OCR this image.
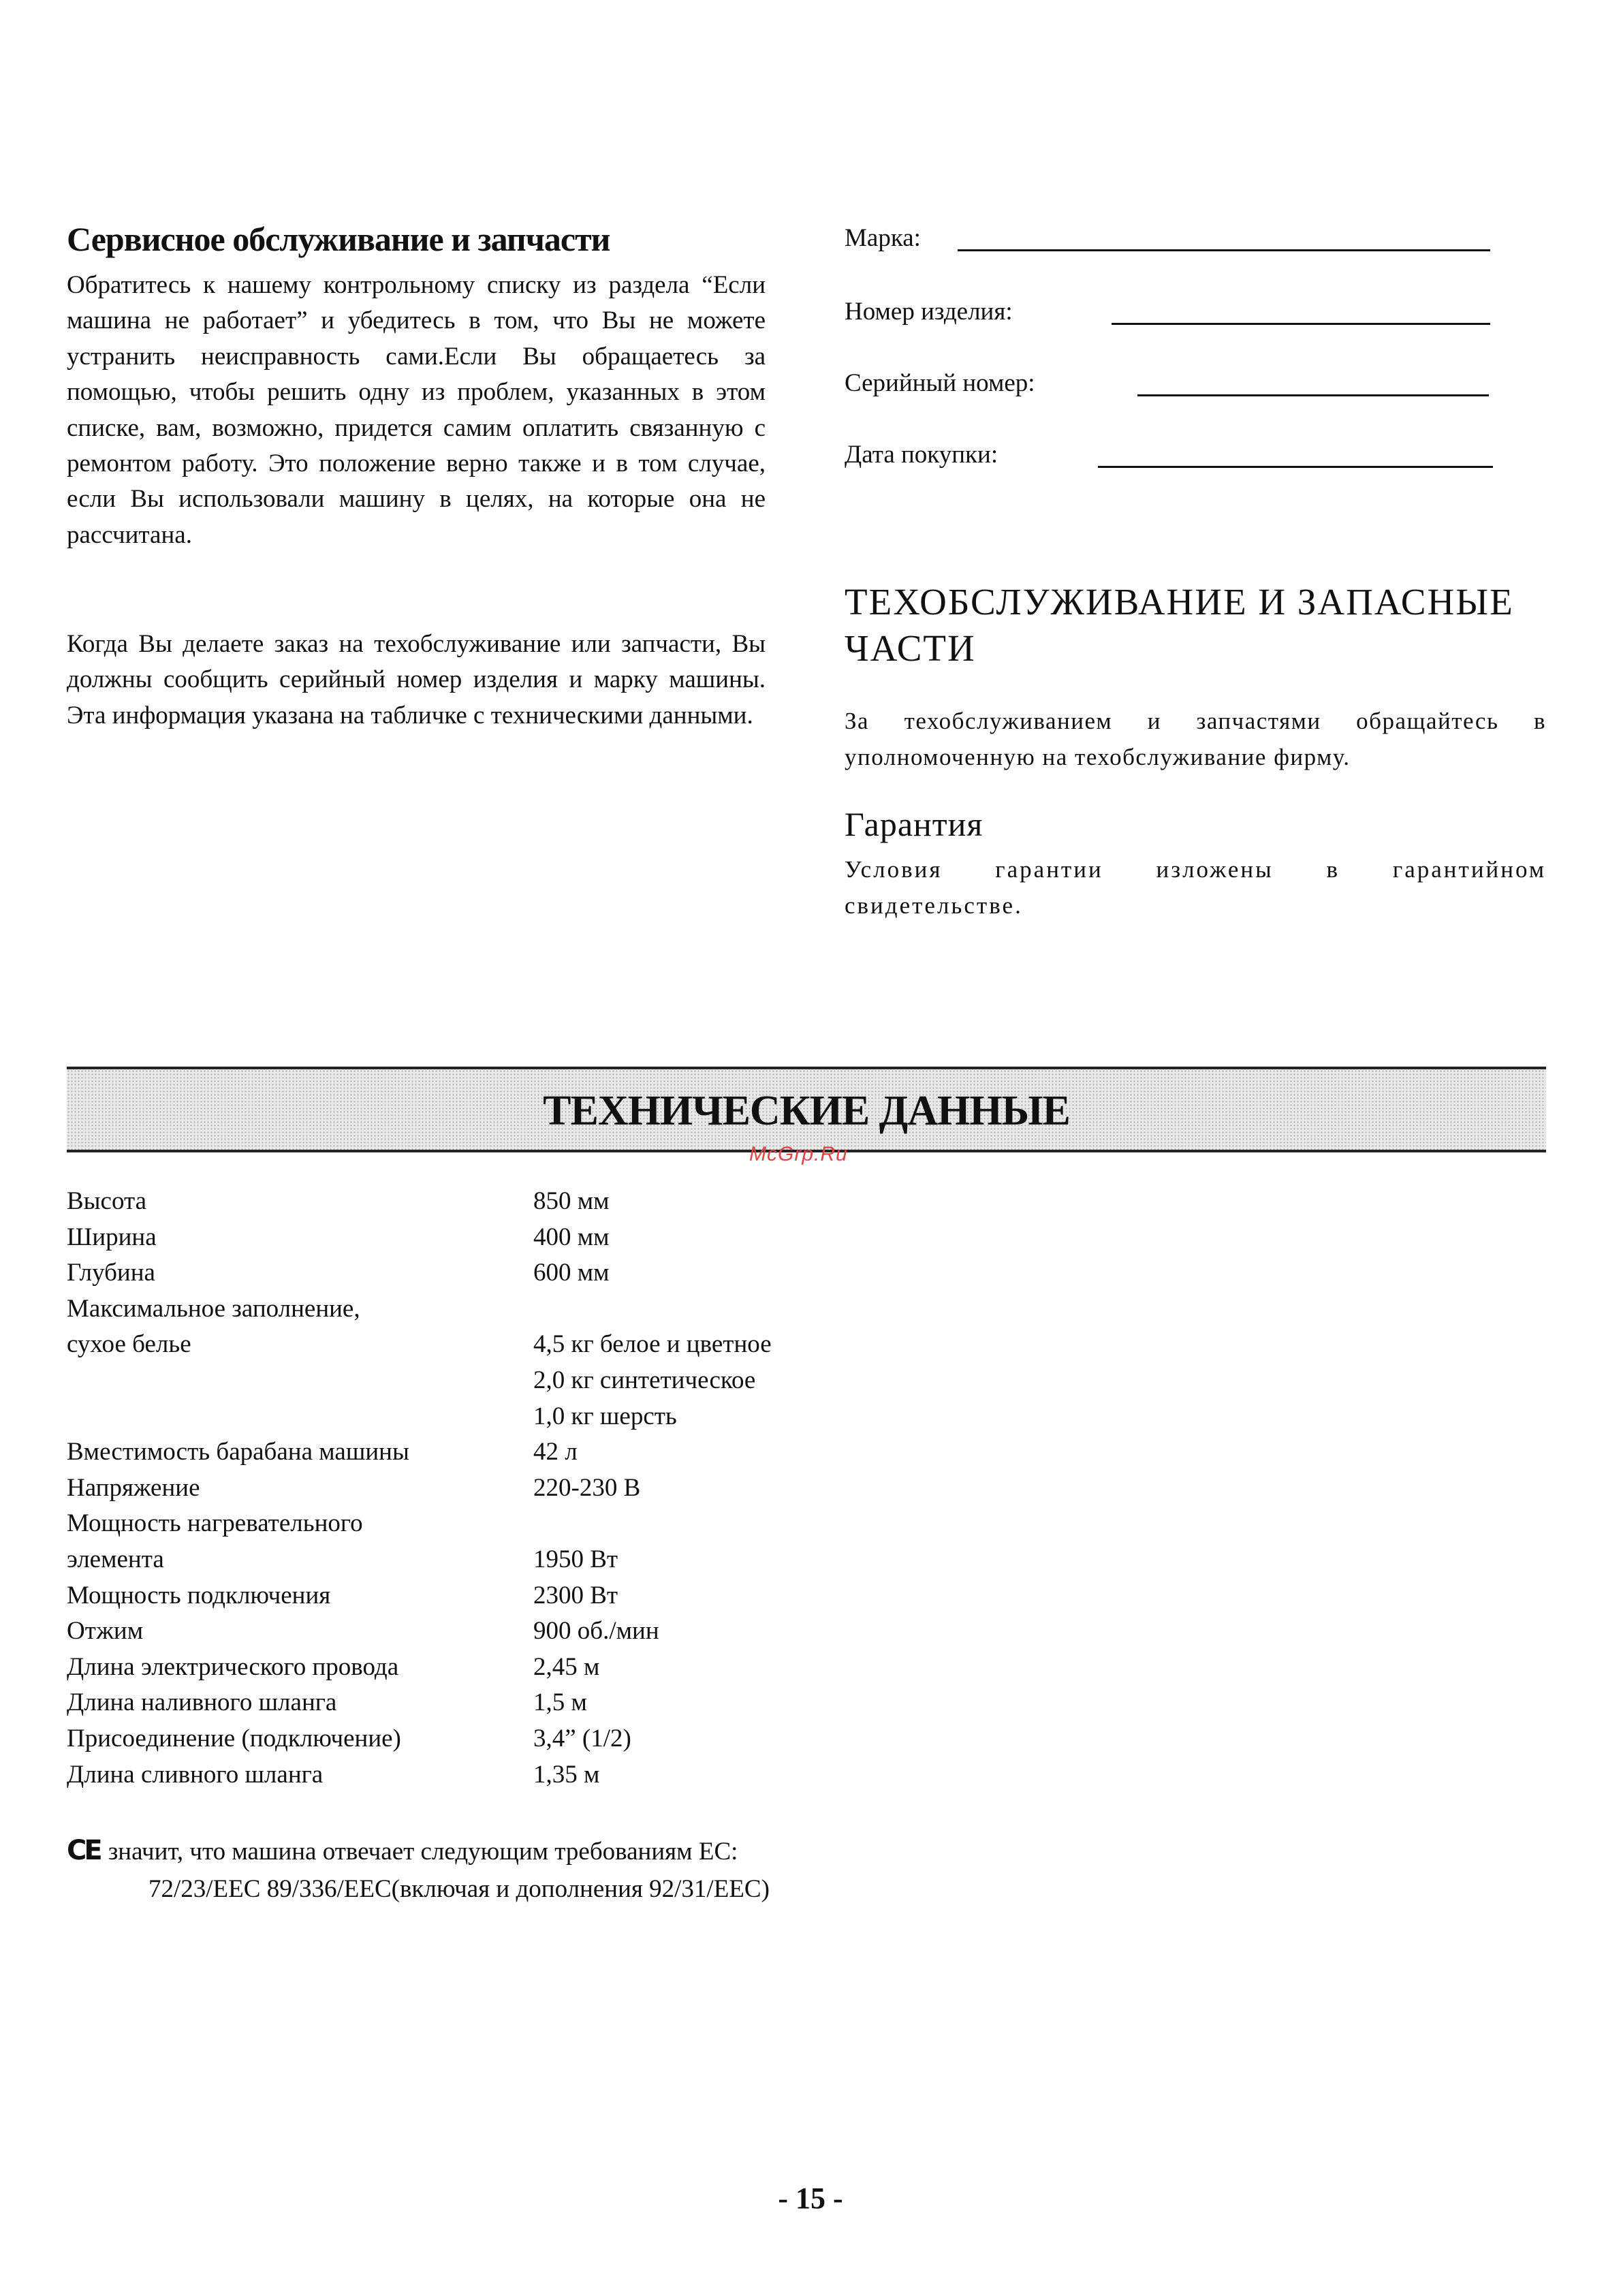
Сервисное обслуживание и запчасти
Обратитесь к нашему контрольному списку из раздела “Если машина не работает” и убедитесь в том, что Вы не можете устранить неисправность сами.Если Вы обращаетесь за помощью, чтобы решить одну из проблем, указанных в этом списке, вам, возможно, придется самим оплатить связанную с ремонтом работу. Это положение верно также и в том случае, если Вы использовали машину в целях, на которые она не рассчитана.
Когда Вы делаете заказ на техобслуживание или запчасти, Вы должны сообщить серийный номер изделия и марку машины. Эта информация указана на табличке с техническими данными.
Марка:
Номер изделия:
Серийный номер:
Дата покупки:
ТЕХОБСЛУЖИВАНИЕ И ЗАПАСНЫЕ ЧАСТИ
За техобслуживанием и запчастями обращайтесь в уполномоченную на техобслуживание фирму.
Гарантия
Условия гарантии изложены в гарантийном свидетельстве.
ТЕХНИЧЕСКИЕ ДАННЫЕ
McGrp.Ru
Высота	850 мм
Ширина	400 мм
Глубина	600 мм
Максимальное заполнение,
сухое белье	4,5 кг белое и цветное
2,0 кг синтетическое
1,0 кг шерсть
Вместимость барабана машины	42 л
Напряжение	220-230 В
Мощность нагревательного
элемента	1950 Вт
Мощность подключения	2300 Вт
Отжим	900 об./мин
Длина электрического провода	2,45 м
Длина наливного шланга	1,5 м
Присоединение (подключение)	3,4” (1/2)
Длина сливного шланга	1,35 м
CE значит, что машина отвечает следующим требованиям ЕС:
72/23/ЕЕС 89/336/ЕЕС(включая и дополнения 92/31/ЕЕС)
- 15 -
